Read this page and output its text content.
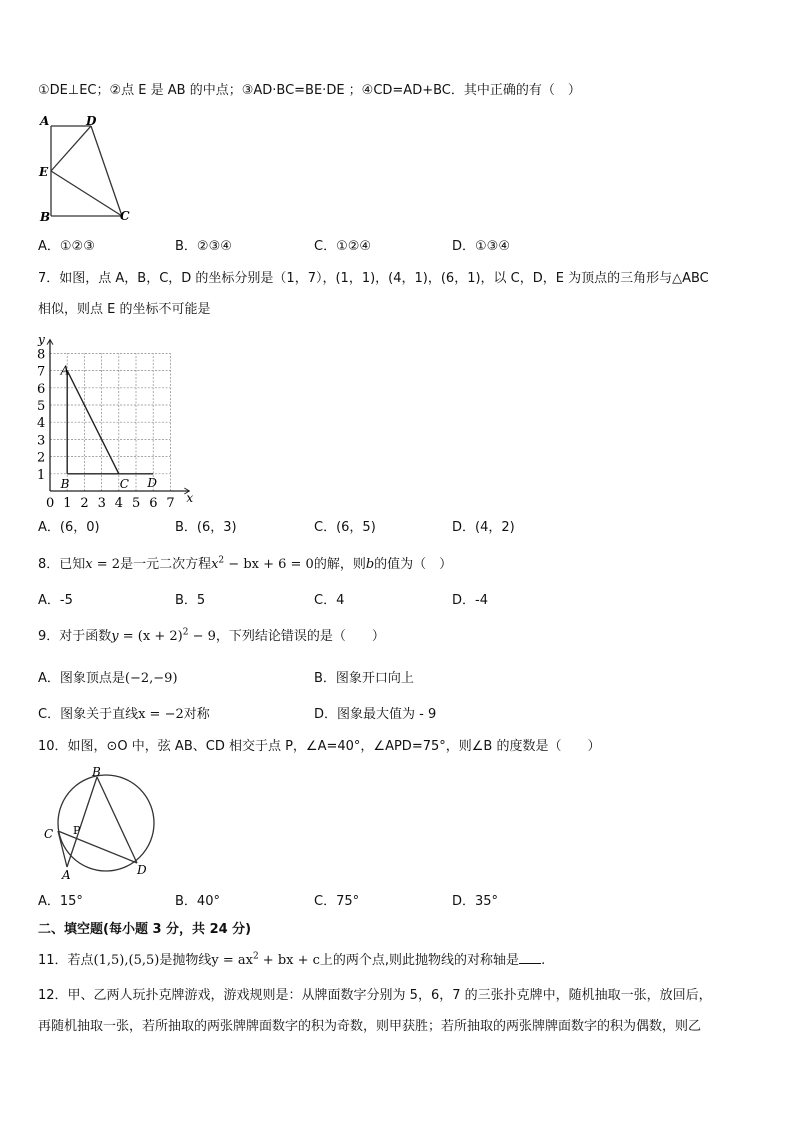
①DE⊥EC；②点 E 是 AB 的中点；③AD·BC=BE·DE ；④CD=AD+BC．其中正确的有（　）
A	D
E
B	C
A．①②③	B．②③④	C．①②④	D．①③④
7．如图，点 A，B，C，D 的坐标分别是（1，7），(1，1)，(4，1)，(6，1)，以 C，D，E 为顶点的三角形与△ABC
相似，则点 E 的坐标不可能是
A
B	C D
8
7
6
5
4
3
2
1
0 1 2 3 4 5 6 7
y
x
A．(6，0)	B．(6，3)	C．(6，5)	D．(4，2)
8．已知x = 2是一元二次方程$x^2$ − bx + 6 = 0的解，则b的值为（　）
A．-5	B．5	C．4	D．-4
9．对于函数$y = (x + 2)^2 - 9$，下列结论错误的是（　　）
A．图象顶点是(−2,−9)	B．图象开口向上
C．图象关于直线x = −2对称	D．图象最大值为 - 9
10．如图，⊙O 中，弦 AB、CD 相交于点 P，∠A=40°，∠APD=75°，则∠B 的度数是（　　）
B
C P
A	D
A．15°	B．40°	C．75°	D．35°
二、填空题(每小题 3 分，共 24 分)
11．若点(1,5),(5,5)是抛物线$y = ax^2$ + bx + c上的两个点,则此抛物线的对称轴是 .
12．甲、乙两人玩扑克牌游戏，游戏规则是：从牌面数字分别为 5，6，7 的三张扑克牌中，随机抽取一张，放回后，
再随机抽取一张，若所抽取的两张牌牌面数字的积为奇数，则甲获胜；若所抽取的两张牌牌面数字的积为偶数，则乙
